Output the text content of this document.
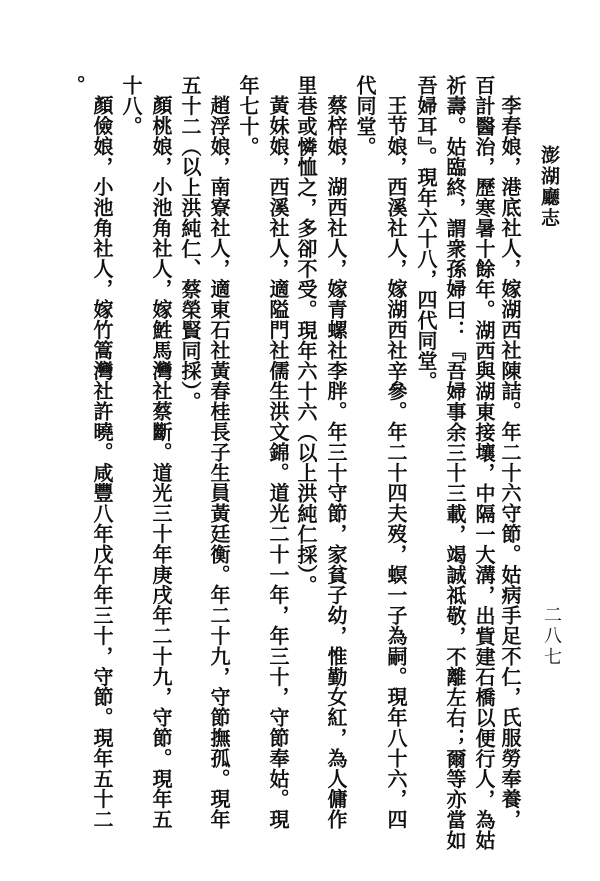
澎湖廳志
二八七
李春娘，港底社人，嫁湖西社陳詰。年二十六守節。姑病手足不仁，氏服勞奉養，
百計醫治，歷寒暑十餘年。湖西與湖東接壤，中隔一大溝，出貲建石橋以便行人，為姑
祈壽。姑臨終，謂衆孫婦曰：『吾婦事余三十三載，竭誠祗敬，不離左右；爾等亦當如
吾婦耳』。現年六十八，四代同堂。
王节娘，西溪社人，嫁湖西社辛參。年二十四夫歿，螟一子為嗣。現年八十六，四
代同堂。
蔡梓娘，湖西社人，嫁青螺社李胖。年三十守節，家貧子幼，惟勤女紅，為人傭作
里巷或憐恤之，多卻不受。現年六十六（以上洪純仁採）。
黃妹娘，西溪社人，適隘門社儒生洪文錦。道光二十一年，年三十，守節奉姑。現
年七十。
趙浮娘，南寮社人，適東石社黃春桂長子生員黃廷衡。年二十九，守節撫孤。現年
五十二（以上洪純仁、蔡榮賢同採）。
顏桃娘，小池角社人，嫁鮏馬灣社蔡斷。道光三十年庚戌年二十九，守節。現年五
十八。
顏儉娘，小池角社人，嫁竹篙灣社許曉。咸豐八年戊午年三十，守節。現年五十二
。
